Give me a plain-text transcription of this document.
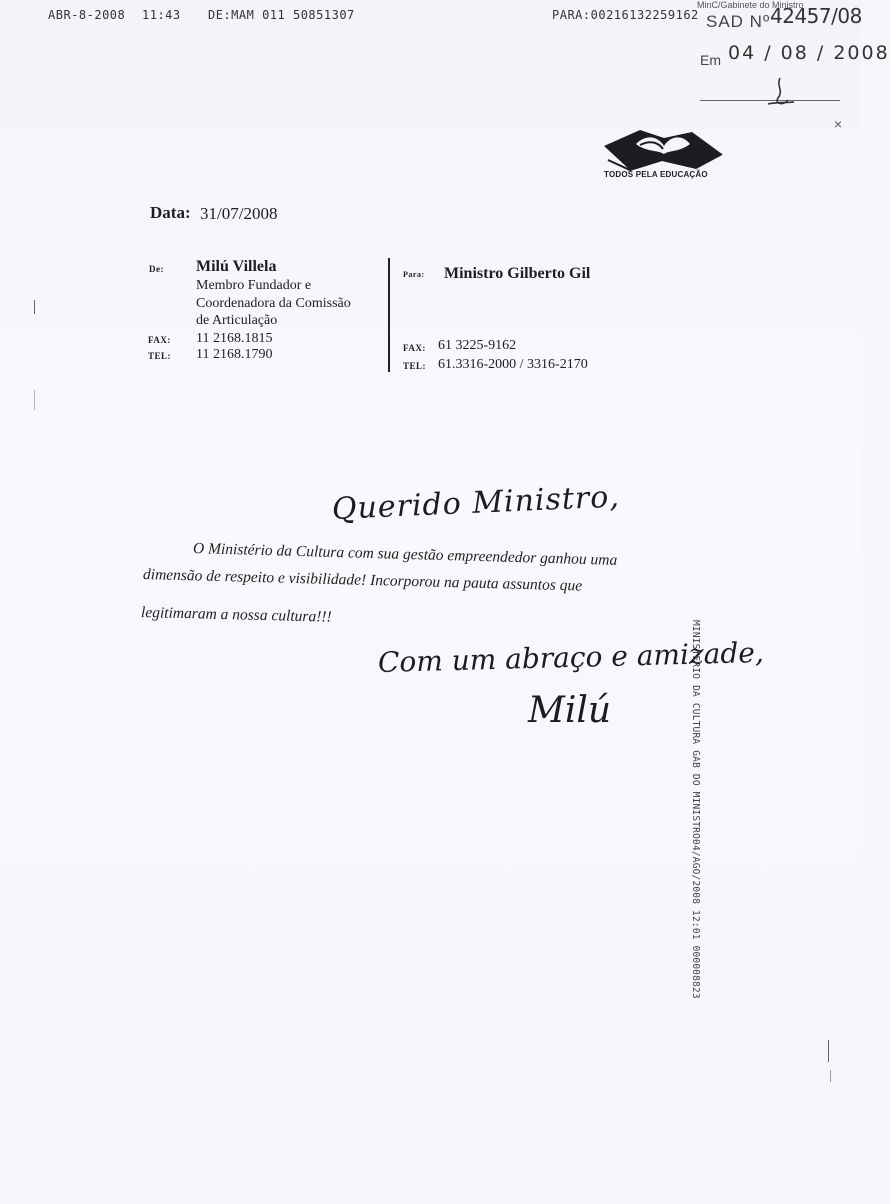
ABR-8-2008 11:43 DE:MAM 011 50851307	PARA:00216132259162
MinC/Gabinete do Ministro
SAD Nº 42457/08
Em 04 / 08 / 2008
TODOS PELA EDUCAÇÃO
Data: 31/07/2008
De: Milú Villela
Membro Fundador e
Coordenadora da Comissão
de Articulação
FAX: 11 2168.1815
TEL: 11 2168.1790
Para: Ministro Gilberto Gil
FAX: 61 3225-9162
TEL: 61.3316-2000 / 3316-2170
Querido Ministro,
O Ministério da Cultura com sua gestão empreendedor ganhou uma
dimensão de respeito e visibilidade! Incorporou na pauta assuntos que
legitimaram a nossa cultura!!!
Com um abraço e amizade,
Milú	MINISTERIO DA CULTURA GAB DO MINISTRO04/AGO/2008 12:01 000008823
×
